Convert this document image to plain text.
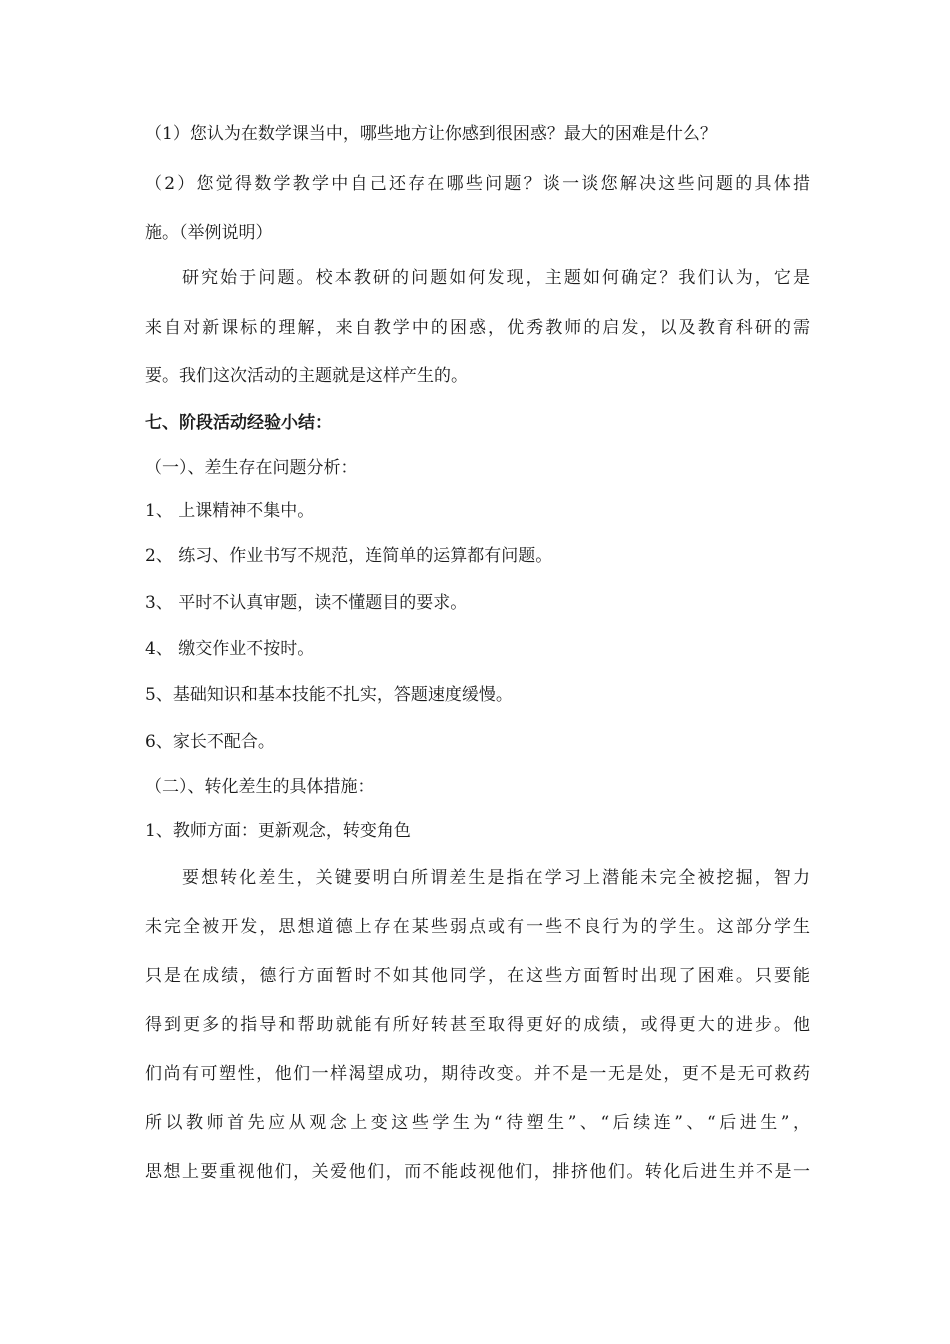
（1）您认为在数学课当中，哪些地方让你感到很困惑？最大的困难是什么？
（2）您觉得数学教学中自己还存在哪些问题？谈一谈您解决这些问题的具体措
施。（举例说明）
研究始于问题。校本教研的问题如何发现，主题如何确定？我们认为，它是
来自对新课标的理解，来自教学中的困惑，优秀教师的启发，以及教育科研的需
要。我们这次活动的主题就是这样产生的。
七、阶段活动经验小结：
（一）、差生存在问题分析：
1、 上课精神不集中。
2、 练习、作业书写不规范，连简单的运算都有问题。
3、 平时不认真审题，读不懂题目的要求。
4、 缴交作业不按时。
5、基础知识和基本技能不扎实，答题速度缓慢。
6、家长不配合。
（二）、转化差生的具体措施：
1、教师方面：更新观念，转变角色
要想转化差生，关键要明白所谓差生是指在学习上潜能未完全被挖掘，智力
未完全被开发，思想道德上存在某些弱点或有一些不良行为的学生。这部分学生
只是在成绩，德行方面暂时不如其他同学，在这些方面暂时出现了困难。只要能
得到更多的指导和帮助就能有所好转甚至取得更好的成绩，或得更大的进步。他
们尚有可塑性，他们一样渴望成功，期待改变。并不是一无是处，更不是无可救药
所以教师首先应从观念上变这些学生为“待塑生”、“后续连”、“后进生”，
思想上要重视他们，关爱他们，而不能歧视他们，排挤他们。转化后进生并不是一
